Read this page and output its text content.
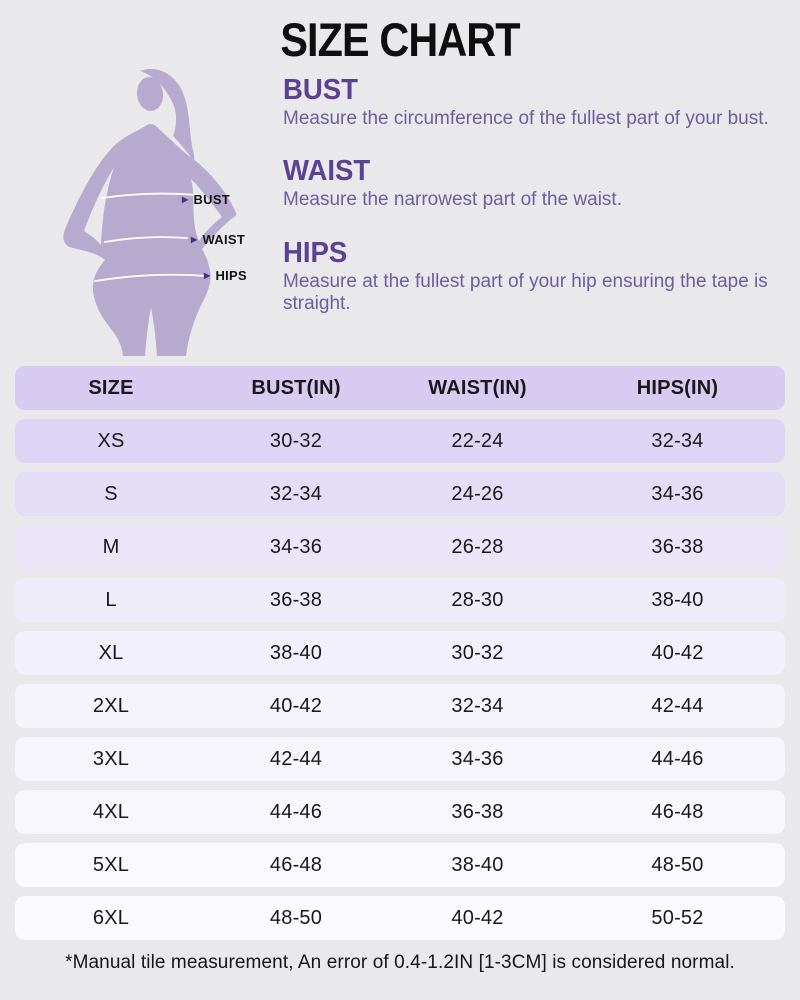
SIZE CHART
▶ BUST
▶ WAIST
▶ HIPS
BUST

Measure the circumference of the fullest part of your bust.

WAIST

Measure the narrowest part of the waist.

HIPS

Measure at the fullest part of your hip ensuring the tape is straight.

SIZE	BUST(IN)	WAIST(IN)	HIPS(IN)
XS	30-32	22-24	32-34
S	32-34	24-26	34-36
M	34-36	26-28	36-38
L	36-38	28-30	38-40
XL	38-40	30-32	40-42
2XL	40-42	32-34	42-44
3XL	42-44	34-36	44-46
4XL	44-46	36-38	46-48
5XL	46-48	38-40	48-50
6XL	48-50	40-42	50-52
*Manual tile measurement, An error of 0.4-1.2IN [1-3CM] is considered normal.
